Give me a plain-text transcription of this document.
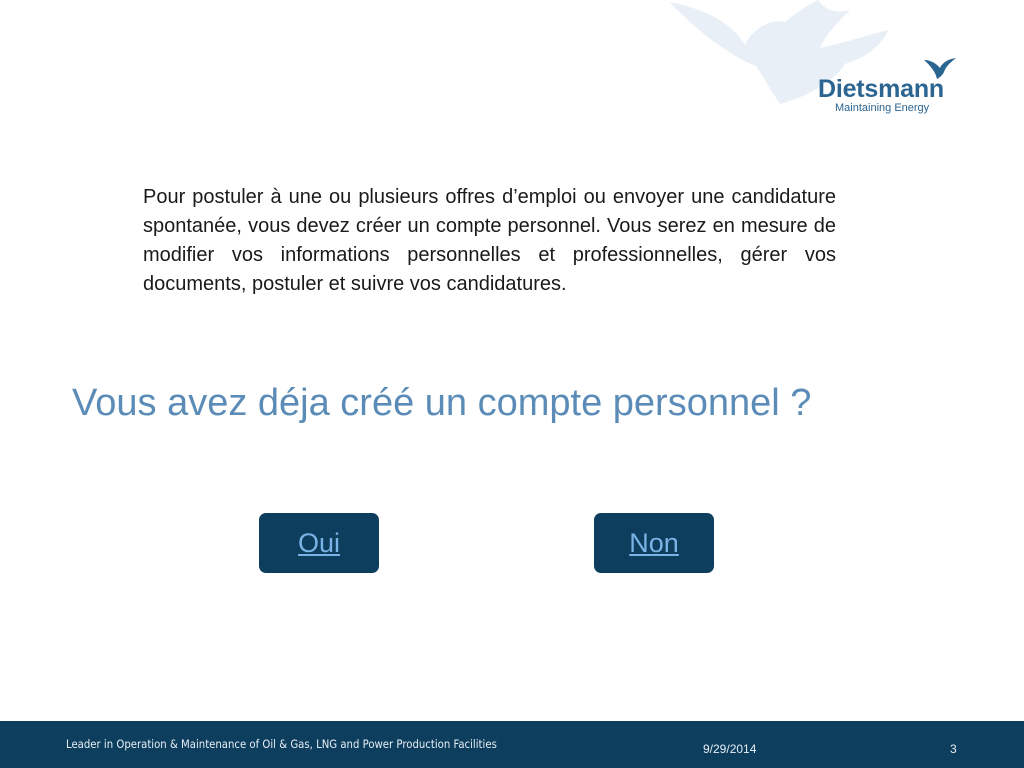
Dietsmann
Maintaining Energy

Pour postuler à une ou plusieurs offres d’emploi ou envoyer une candidature spontanée, vous devez créer un compte personnel. Vous serez en mesure de modifier vos informations personnelles et professionnelles, gérer vos documents, postuler et suivre vos candidatures.

Vous avez déja créé un compte personnel ?
Oui	Non
Leader in Operation & Maintenance of Oil & Gas, LNG and Power Production Facilities	9/29/2014	3
